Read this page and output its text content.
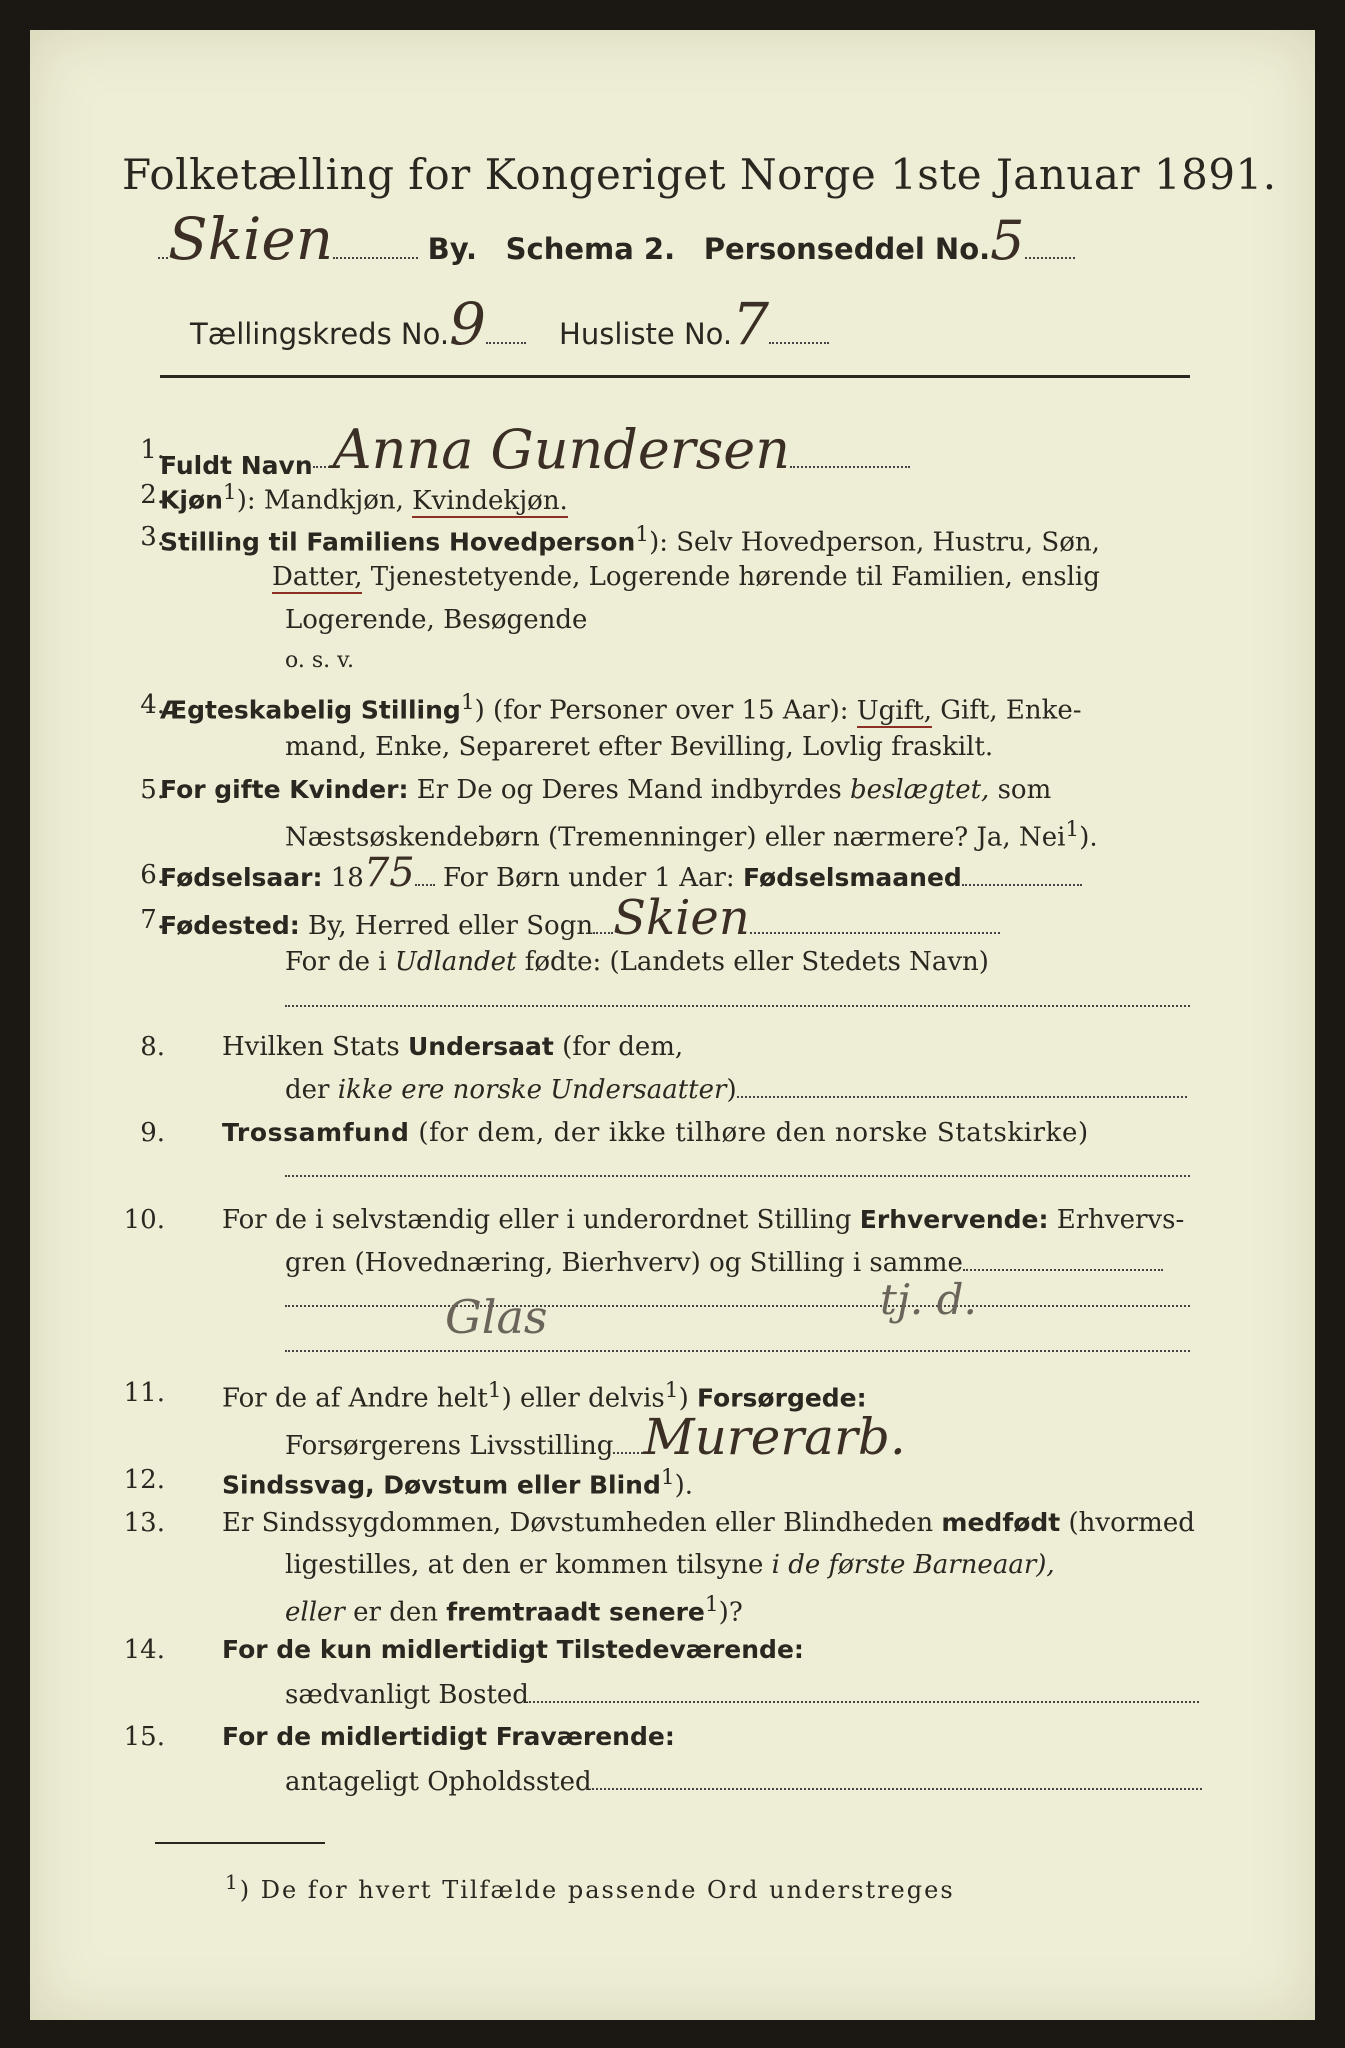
Folketælling for Kongeriget Norge 1ste Januar 1891.
Skien	By. Schema 2. Personseddel No.5
Tællingskreds No.9	Husliste No.7
1.
Fuldt Navn Anna Gundersen
2.
Kjøn$^1$): Mandkjøn, Kvindekjøn.
3.
Stilling til Familiens Hovedperson$^1$): Selv Hovedperson, Hustru, Søn,
Datter, Tjenestetyende, Logerende hørende til Familien, enslig
Logerende, Besøgende
o. s. v.
4.
Ægteskabelig Stilling$^1$) (for Personer over 15 Aar): Ugift, Gift, Enke-
mand, Enke, Separeret efter Bevilling, Lovlig fraskilt.
5.
For gifte Kvinder: Er De og Deres Mand indbyrdes beslægtet, som
Næstsøskendebørn (Tremenninger) eller nærmere? Ja, Nei$^1$).
6.
Fødselsaar: 1875 For Børn under 1 Aar: Fødselsmaaned
7.
Fødested: By, Herred eller Sogn Skien
For de i Udlandet fødte: (Landets eller Stedets Navn)
8. Hvilken Stats Undersaat (for dem,
der ikke ere norske Undersaatter)
9. Trossamfund (for dem, der ikke tilhøre den norske Statskirke)
10. For de i selvstændig eller i underordnet Stilling Erhvervende: Erhvervs-
gren (Hovednæring, Bierhverv) og Stilling i samme
Glas	tj. d.
11. For de af Andre helt$^1$) eller delvis$^1$) Forsørgede:
Forsørgerens Livsstilling Murerarb.
12. Sindssvag, Døvstum eller Blind$^1$).
13. Er Sindssygdommen, Døvstumheden eller Blindheden medfødt (hvormed
ligestilles, at den er kommen tilsyne i de første Barneaar),
eller er den fremtraadt senere$^1$)?
14. For de kun midlertidigt Tilstedeværende:
sædvanligt Bosted
15. For de midlertidigt Fraværende:
antageligt Opholdssted
$^1$) De for hvert Tilfælde passende Ord understreges
